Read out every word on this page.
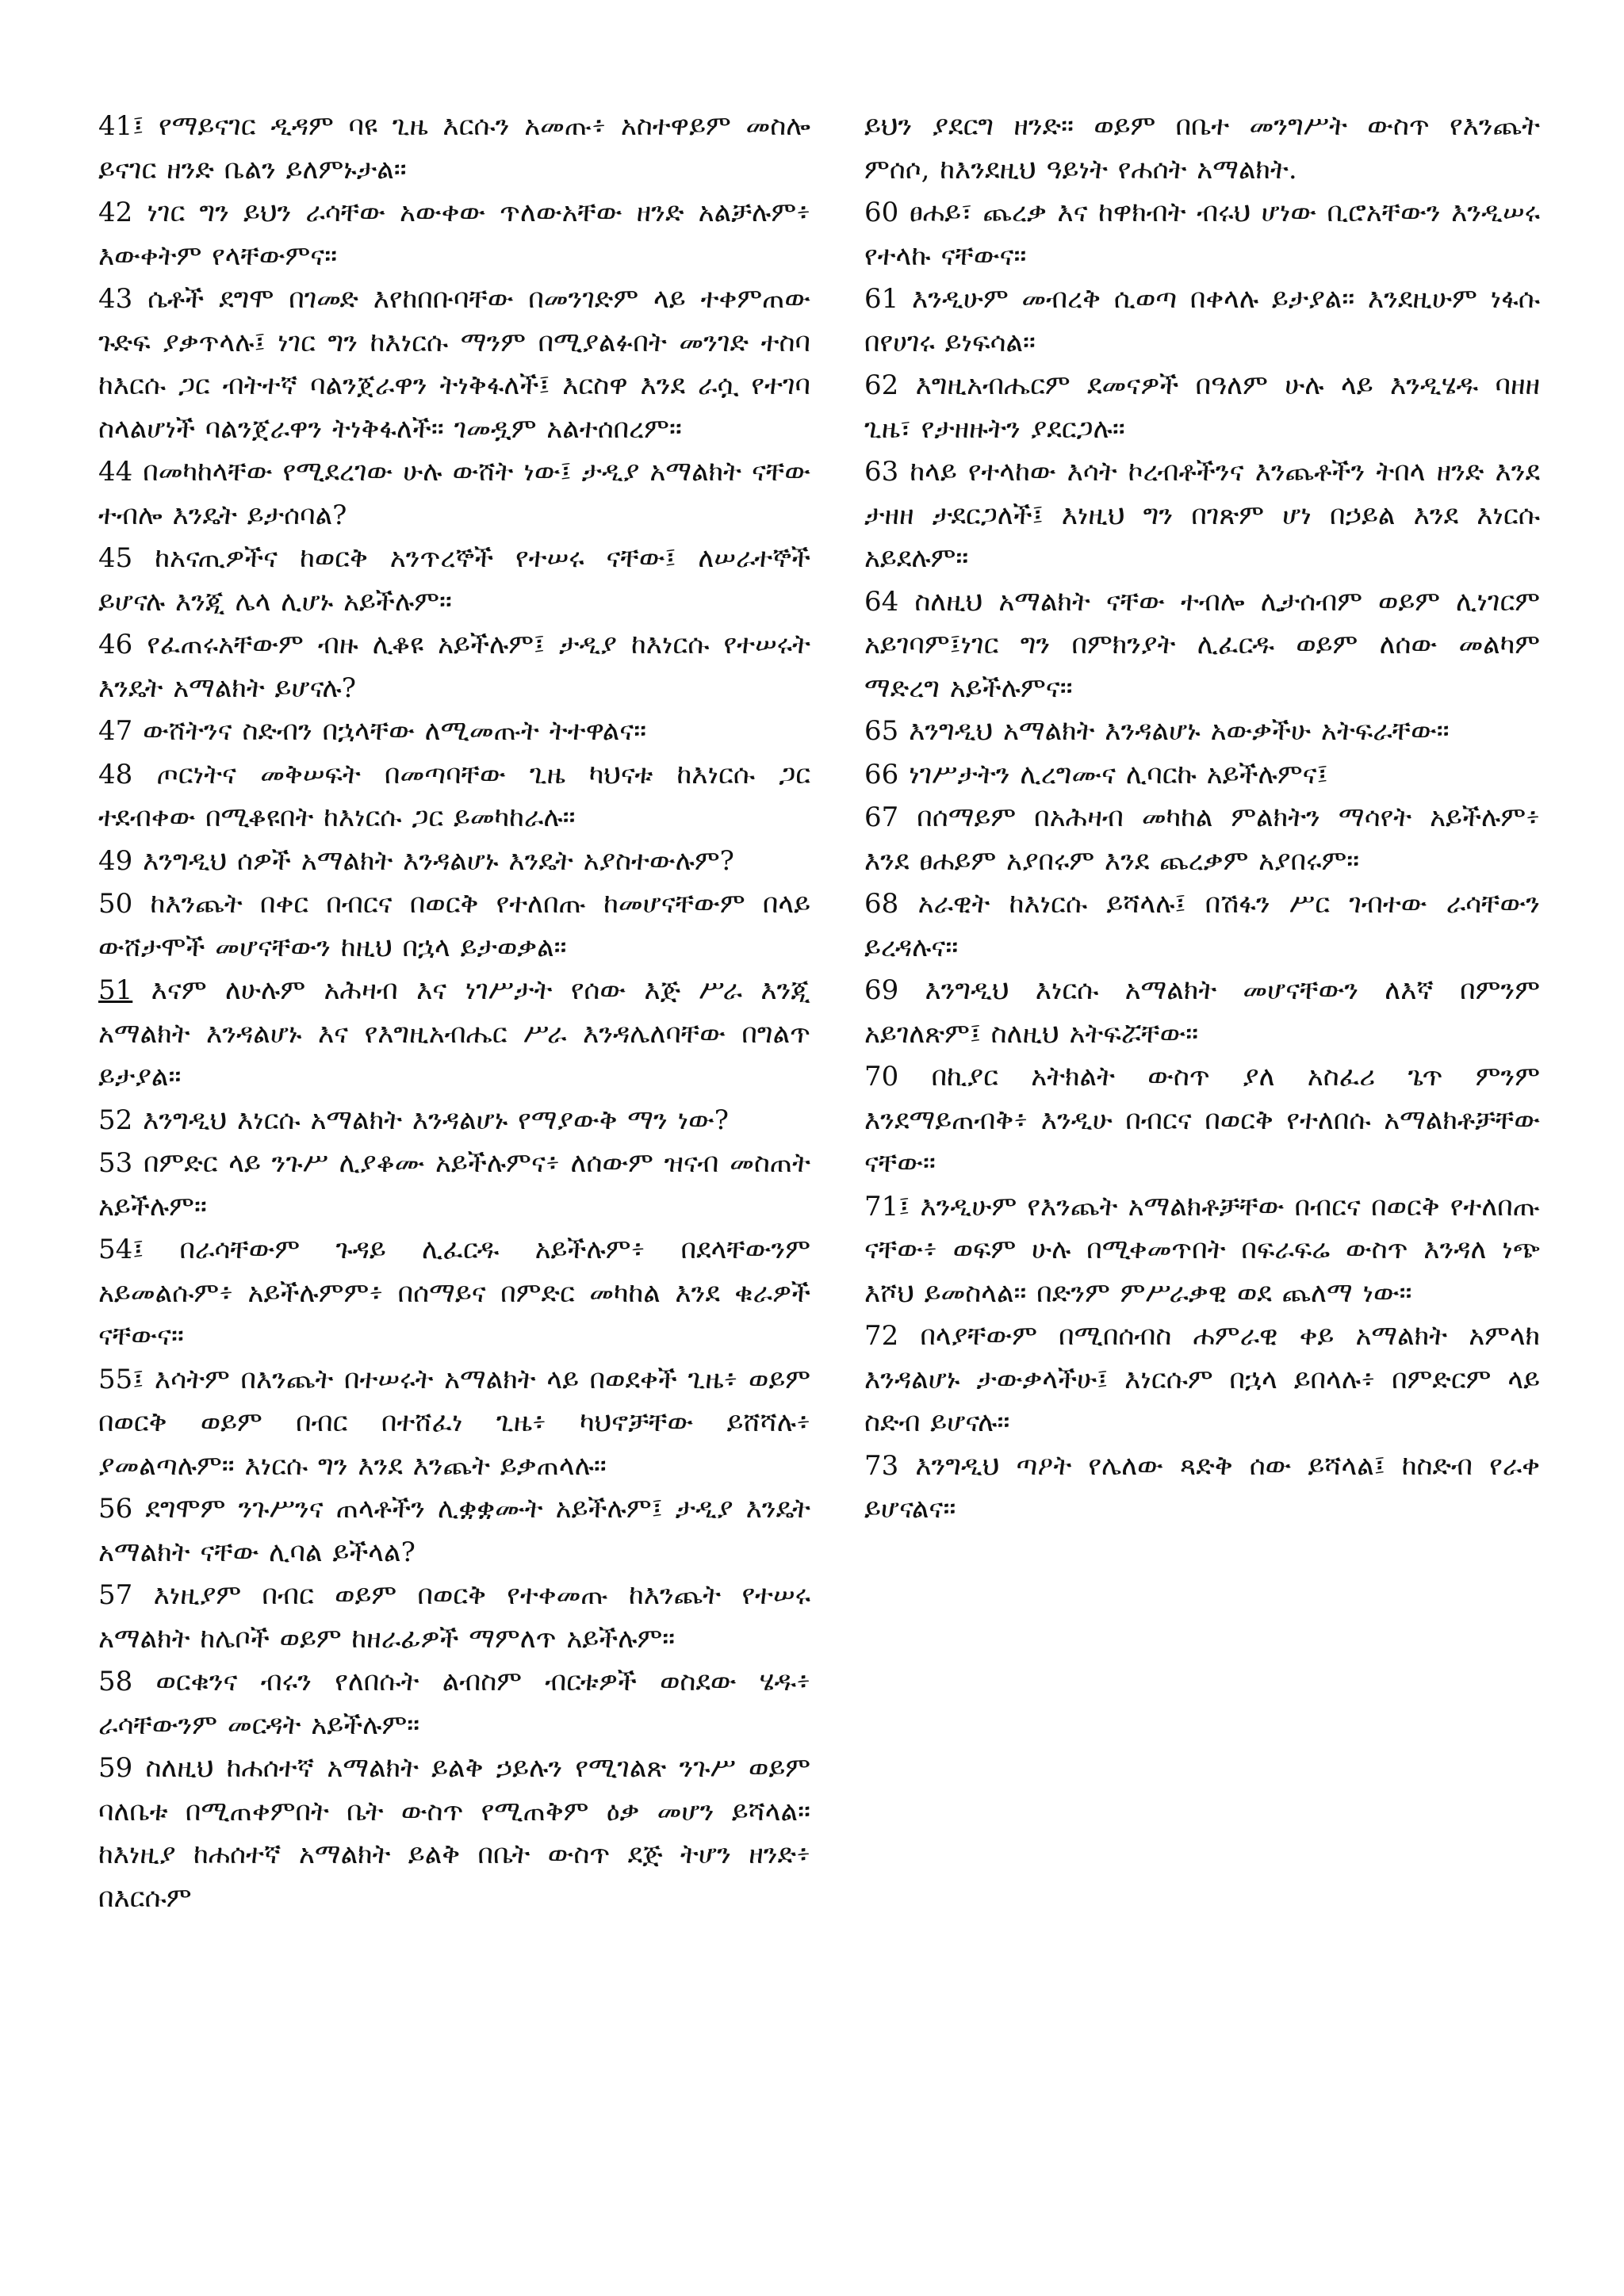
41፤ የማይናገር ዲዳም ባዩ ጊዜ እርሱን አመጡ፥ አስተዋይም መስሎ ይናገር ዘንድ ቤልን ይለምኑታል።

42 ነገር ግን ይህን ራሳቸው አውቀው ጥለውአቸው ዘንድ አልቻሉም፥ እውቀትም የላቸውምና።

43 ሴቶች ደግሞ በገመድ እየከበቡባቸው በመንገድም ላይ ተቀምጠው ጉድፍ ያቃጥላሉ፤ ነገር ግን ከእነርሱ ማንም በሚያልፉበት መንገድ ተስባ ከእርሱ ጋር ብትተኛ ባልንጀራዋን ትነቅፋለች፤ እርስዋ እንደ ራሷ የተገባ ስላልሆነች ባልንጀራዋን ትነቅፋለች። ገመዷም አልተሰበረም።

44 በመካከላቸው የሚደረገው ሁሉ ውሸት ነው፤ ታዲያ አማልክት ናቸው ተብሎ እንዴት ይታሰባል?

45 ከአናጢዎችና ከወርቅ አንጥረኞች የተሠሩ ናቸው፤ ለሠራተኞች ይሆናሉ እንጂ ሌላ ሊሆኑ አይችሉም።

46 የፈጠሩአቸውም ብዙ ሊቆዩ አይችሉም፤ ታዲያ ከእነርሱ የተሠሩት እንዴት አማልክት ይሆናሉ?

47 ውሸትንና ስድብን በኋላቸው ለሚመጡት ትተዋልና።

48 ጦርነትና መቅሠፍት በመጣባቸው ጊዜ ካህናቱ ከእነርሱ ጋር ተደብቀው በሚቆዩበት ከእነርሱ ጋር ይመካከራሉ።

49 እንግዲህ ሰዎች አማልክት እንዳልሆኑ እንዴት አያስተውሉም?

50 ከእንጨት በቀር በብርና በወርቅ የተለበጡ ከመሆናቸውም በላይ ውሸታሞች መሆናቸውን ከዚህ በኋላ ይታወቃል።

51 እናም ለሁሉም አሕዛብ እና ነገሥታት የሰው እጅ ሥራ እንጂ አማልክት እንዳልሆኑ እና የእግዚአብሔር ሥራ እንዳሌለባቸው በግልጥ ይታያል።

52 እንግዲህ እነርሱ አማልክት እንዳልሆኑ የማያውቅ ማን ነው?

53 በምድር ላይ ንጉሥ ሊያቆሙ አይችሉምና፥ ለሰውም ዝናብ መስጠት አይችሉም።

54፤ በራሳቸውም ጉዳይ ሊፈርዱ አይችሉም፥ በደላቸውንም አይመልሱም፥ አይችሉምም፥ በሰማይና በምድር መካከል እንደ ቁራዎች ናቸውና።

55፤ እሳትም በእንጨት በተሠሩት አማልክት ላይ በወደቀች ጊዜ፥ ወይም በወርቅ ወይም በብር በተሸፈነ ጊዜ፥ ካህኖቻቸው ይሸሻሉ፥ ያመልጣሉም። እነርሱ ግን እንደ እንጨት ይቃጠላሉ።

56 ደግሞም ንጉሥንና ጠላቶችን ሊቋቋሙት አይችሉም፤ ታዲያ እንዴት አማልክት ናቸው ሊባል ይችላል?

57 እነዚያም በብር ወይም በወርቅ የተቀመጡ ከእንጨት የተሠሩ አማልክት ከሌቦች ወይም ከዘራፊዎች ማምለጥ አይችሉም።

58 ወርቁንና ብሩን የለበሱት ልብስም ብርቱዎች ወስደው ሄዱ፥ ራሳቸውንም መርዳት አይችሉም።

59 ስለዚህ ከሐሰተኛ አማልክት ይልቅ ኃይሉን የሚገልጽ ንጉሥ ወይም ባለቤቱ በሚጠቀምበት ቤት ውስጥ የሚጠቅም ዕቃ መሆን ይሻላል። ከእነዚያ ከሐሰተኛ አማልክት ይልቅ በቤት ውስጥ ደጅ ትሆን ዘንድ፥ በእርሱም

ይህን ያደርግ ዘንድ። ወይም በቤተ መንግሥት ውስጥ የእንጨት ምሰሶ, ከእንደዚህ ዓይነት የሐሰት አማልክት.

60 ፀሐይ፣ ጨረቃ እና ከዋክብት ብሩህ ሆነው ቢሮአቸውን እንዲሠሩ የተላኩ ናቸውና።

61 እንዲሁም መብረቅ ሲወጣ በቀላሉ ይታያል። እንደዚሁም ነፋሱ በየሀገሩ ይነፍሳል።

62 እግዚአብሔርም ደመናዎች በዓለም ሁሉ ላይ እንዲሄዱ ባዘዘ ጊዜ፣ የታዘዙትን ያደርጋሉ።

63 ከላይ የተላከው እሳት ኮረብቶችንና እንጨቶችን ትበላ ዘንድ እንደ ታዘዘ ታደርጋለች፤ እነዚህ ግን በገጽም ሆነ በኃይል እንደ እነርሱ አይደሉም።

64 ስለዚህ አማልክት ናቸው ተብሎ ሊታሰብም ወይም ሊነገርም አይገባም፤ነገር ግን በምክንያት ሊፈርዱ ወይም ለሰው መልካም ማድረግ አይችሉምና።

65 እንግዲህ አማልክት እንዳልሆኑ አውቃችሁ አትፍራቸው።

66 ነገሥታትን ሊረግሙና ሊባርኩ አይችሉምና፤

67 በሰማይም በአሕዛብ መካከል ምልክትን ማሳየት አይችሉም፥ እንደ ፀሐይም አያበሩም እንደ ጨረቃም አያበሩም።

68 አራዊት ከእነርሱ ይሻላሉ፤ በሽፋን ሥር ገብተው ራሳቸውን ይረዳሉና።

69 እንግዲህ እነርሱ አማልክት መሆናቸውን ለእኛ በምንም አይገለጽም፤ ስለዚህ አትፍሯቸው።

70 በኪያር አትክልት ውስጥ ያለ አስፈሪ ጌጥ ምንም እንደማይጠብቅ፥ እንዲሁ በብርና በወርቅ የተለበሱ አማልክቶቻቸው ናቸው።

71፤ እንዲሁም የእንጨት አማልክቶቻቸው በብርና በወርቅ የተለበጡ ናቸው፥ ወፍም ሁሉ በሚቀመጥበት በፍራፍሬ ውስጥ እንዳለ ነጭ እሾህ ይመስላል። በድንም ምሥራቃዊ ወደ ጨለማ ነው።

72 በላያቸውም በሚበሰብስ ሐምራዊ ቀይ አማልክት አምላክ እንዳልሆኑ ታውቃላችሁ፤ እነርሱም በኋላ ይበላሉ፥ በምድርም ላይ ስድብ ይሆናሉ።

73 እንግዲህ ጣዖት የሌለው ጻድቅ ሰው ይሻላል፤ ከስድብ የራቀ ይሆናልና።
